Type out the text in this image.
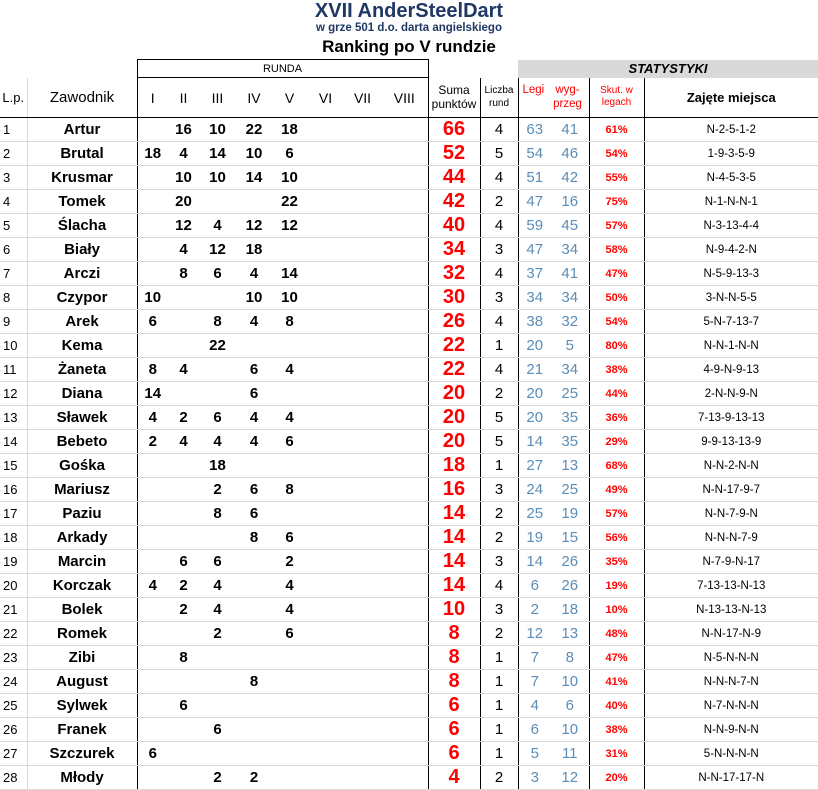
XVII AnderSteelDart
w grze 501 d.o. darta angielskiego
Ranking po V rundzie
		RUNDA										STATYSTYKI			
L.p.	Zawodnik	I	II	III	IV	V	VI	VII	VIII	Suma punktów	Liczba rund	Legi wyg- przeg		Skut. w legach	Zajęte miejsca
1	Artur		16	10	22	18				66	4	63	41	61%	N-2-5-1-2
2	Brutal	18	4	14	10	6				52	5	54	46	54%	1-9-3-5-9
3	Krusmar		10	10	14	10				44	4	51	42	55%	N-4-5-3-5
4	Tomek		20			22				42	2	47	16	75%	N-1-N-N-1
5	Ślacha		12	4	12	12				40	4	59	45	57%	N-3-13-4-4
6	Biały		4	12	18					34	3	47	34	58%	N-9-4-2-N
7	Arczi		8	6	4	14				32	4	37	41	47%	N-5-9-13-3
8	Czypor	10			10	10				30	3	34	34	50%	3-N-N-5-5
9	Arek	6		8	4	8				26	4	38	32	54%	5-N-7-13-7
10	Kema			22						22	1	20	5	80%	N-N-1-N-N
11	Żaneta	8	4		6	4				22	4	21	34	38%	4-9-N-9-13
12	Diana	14			6					20	2	20	25	44%	2-N-N-9-N
13	Sławek	4	2	6	4	4				20	5	20	35	36%	7-13-9-13-13
14	Bebeto	2	4	4	4	6				20	5	14	35	29%	9-9-13-13-9
15	Gośka			18						18	1	27	13	68%	N-N-2-N-N
16	Mariusz			2	6	8				16	3	24	25	49%	N-N-17-9-7
17	Paziu			8	6					14	2	25	19	57%	N-N-7-9-N
18	Arkady				8	6				14	2	19	15	56%	N-N-N-7-9
19	Marcin		6	6		2				14	3	14	26	35%	N-7-9-N-17
20	Korczak	4	2	4		4				14	4	6	26	19%	7-13-13-N-13
21	Bolek		2	4		4				10	3	2	18	10%	N-13-13-N-13
22	Romek			2		6				8	2	12	13	48%	N-N-17-N-9
23	Zibi		8							8	1	7	8	47%	N-5-N-N-N
24	August				8					8	1	7	10	41%	N-N-N-7-N
25	Sylwek		6							6	1	4	6	40%	N-7-N-N-N
26	Franek			6						6	1	6	10	38%	N-N-9-N-N
27	Szczurek	6								6	1	5	11	31%	5-N-N-N-N
28	Młody			2	2					4	2	3	12	20%	N-N-17-17-N
